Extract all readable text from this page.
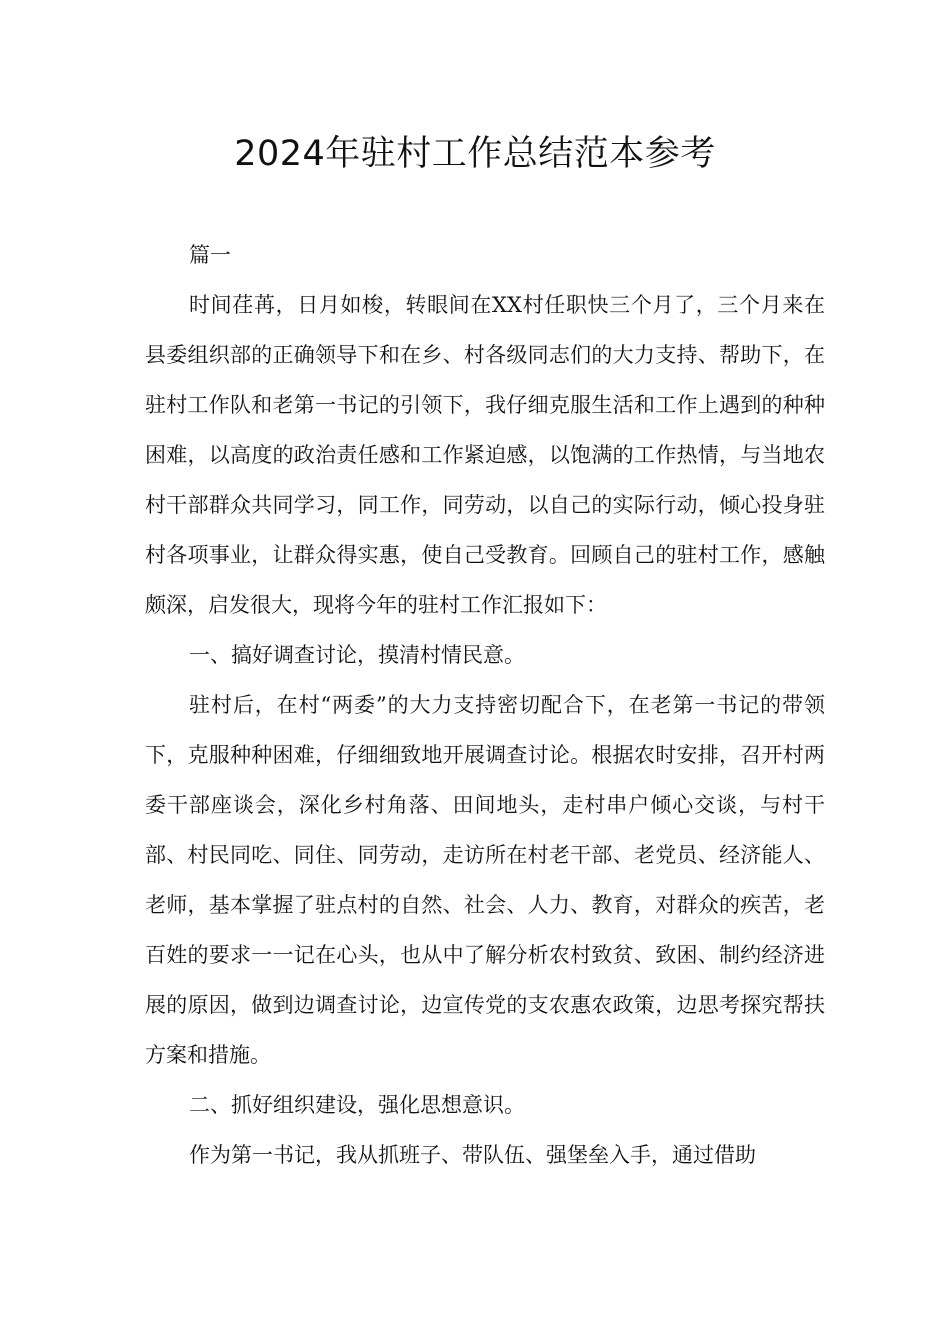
2024年驻村工作总结范本参考

篇一

时间荏苒，日月如梭，转眼间在XX村任职快三个月了，三个月来在县委组织部的正确领导下和在乡、村各级同志们的大力支持、帮助下，在驻村工作队和老第一书记的引领下，我仔细克服生活和工作上遇到的种种困难，以高度的政治责任感和工作紧迫感，以饱满的工作热情，与当地农村干部群众共同学习，同工作，同劳动，以自己的实际行动，倾心投身驻村各项事业，让群众得实惠，使自己受教育。回顾自己的驻村工作，感触颇深，启发很大，现将今年的驻村工作汇报如下：

一、搞好调查讨论，摸清村情民意。

驻村后，在村“两委”的大力支持密切配合下，在老第一书记的带领下，克服种种困难，仔细细致地开展调查讨论。根据农时安排，召开村两委干部座谈会，深化乡村角落、田间地头，走村串户倾心交谈，与村干部、村民同吃、同住、同劳动，走访所在村老干部、老党员、经济能人、老师，基本掌握了驻点村的自然、社会、人力、教育，对群众的疾苦，老百姓的要求一一记在心头，也从中了解分析农村致贫、致困、制约经济进展的原因，做到边调查讨论，边宣传党的支农惠农政策，边思考探究帮扶方案和措施。

二、抓好组织建设，强化思想意识。

作为第一书记，我从抓班子、带队伍、强堡垒入手，通过借助
